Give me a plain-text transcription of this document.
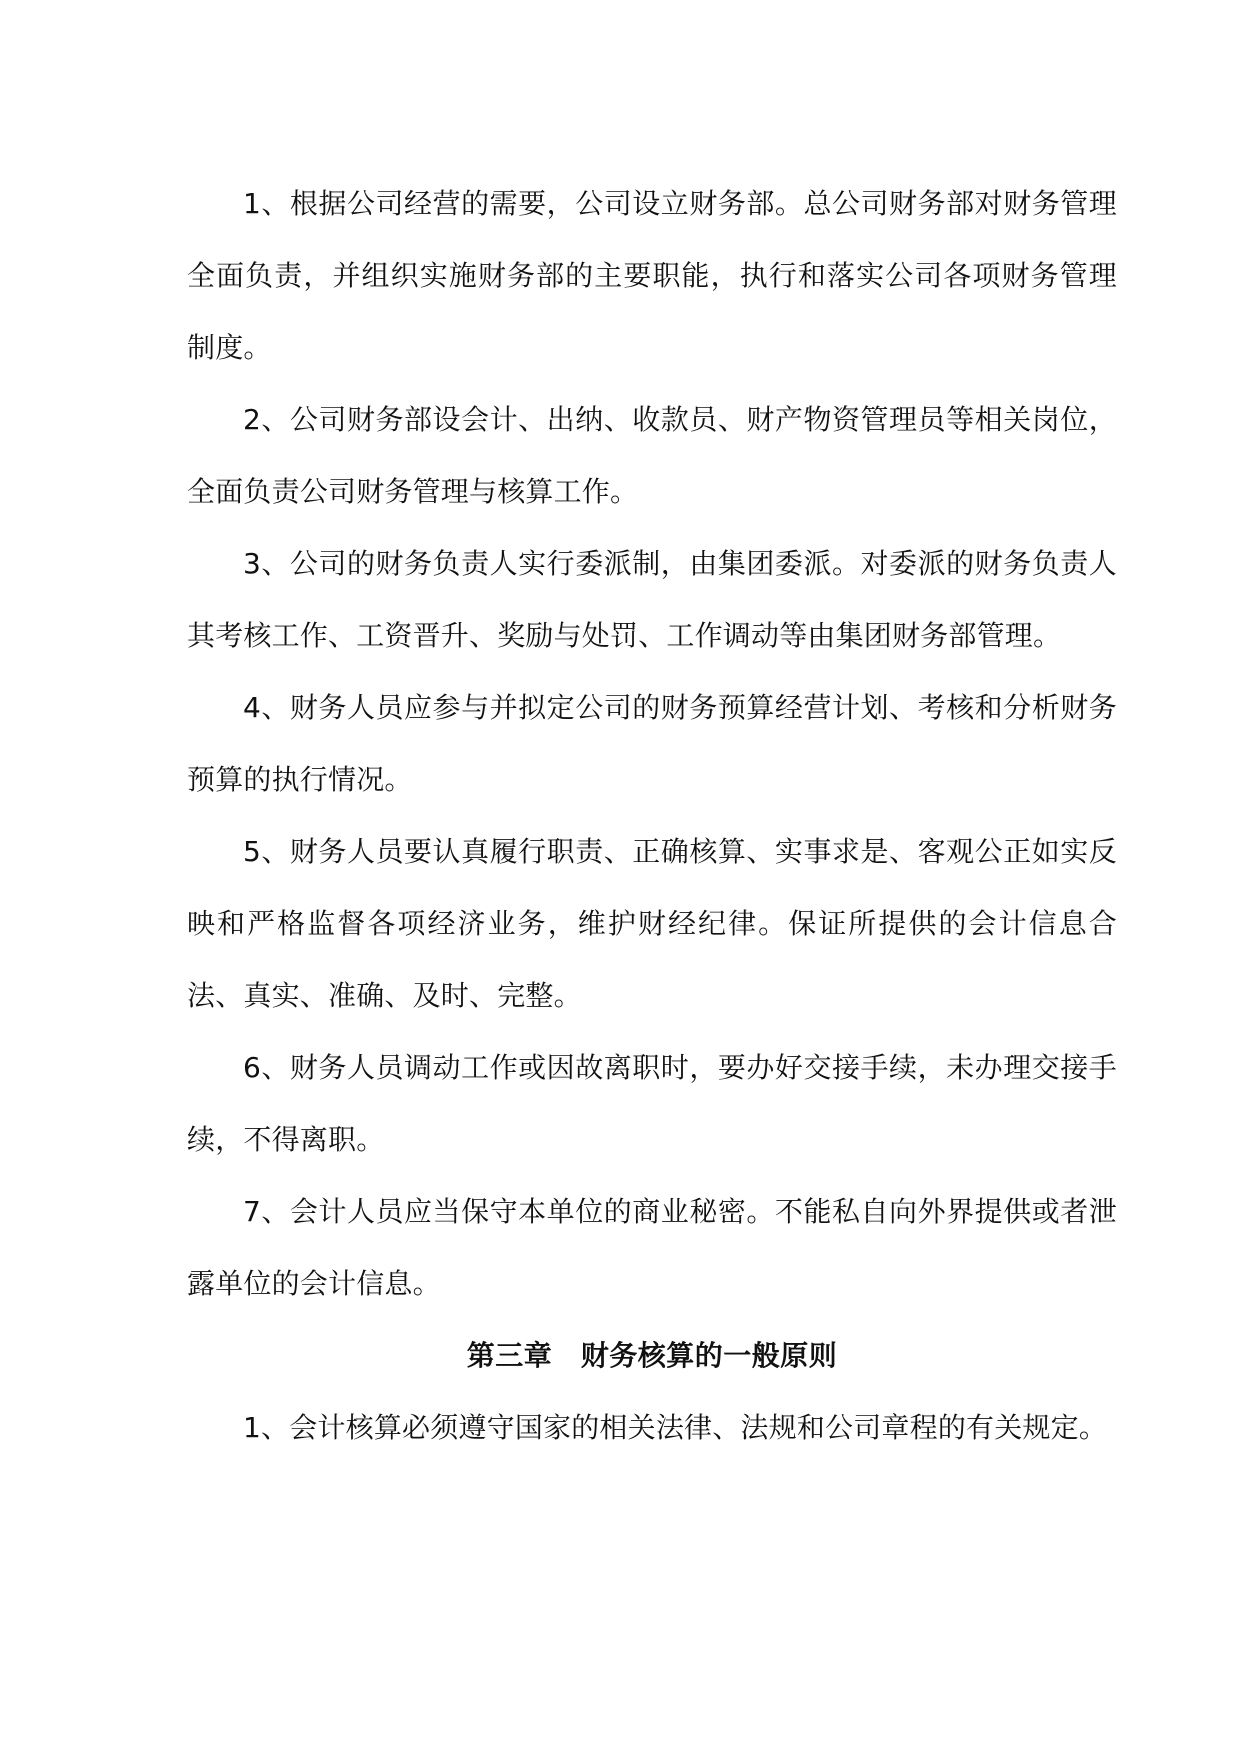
1、根据公司经营的需要，公司设立财务部。总公司财务部对财务管理全面负责，并组织实施财务部的主要职能，执行和落实公司各项财务管理制度。

2、公司财务部设会计、出纳、收款员、财产物资管理员等相关岗位，全面负责公司财务管理与核算工作。

3、公司的财务负责人实行委派制，由集团委派。对委派的财务负责人其考核工作、工资晋升、奖励与处罚、工作调动等由集团财务部管理。

4、财务人员应参与并拟定公司的财务预算经营计划、考核和分析财务预算的执行情况。

5、财务人员要认真履行职责、正确核算、实事求是、客观公正如实反映和严格监督各项经济业务，维护财经纪律。保证所提供的会计信息合法、真实、准确、及时、完整。

6、财务人员调动工作或因故离职时，要办好交接手续，未办理交接手续，不得离职。

7、会计人员应当保守本单位的商业秘密。不能私自向外界提供或者泄露单位的会计信息。

第三章　财务核算的一般原则

1、会计核算必须遵守国家的相关法律、法规和公司章程的有关规定。
